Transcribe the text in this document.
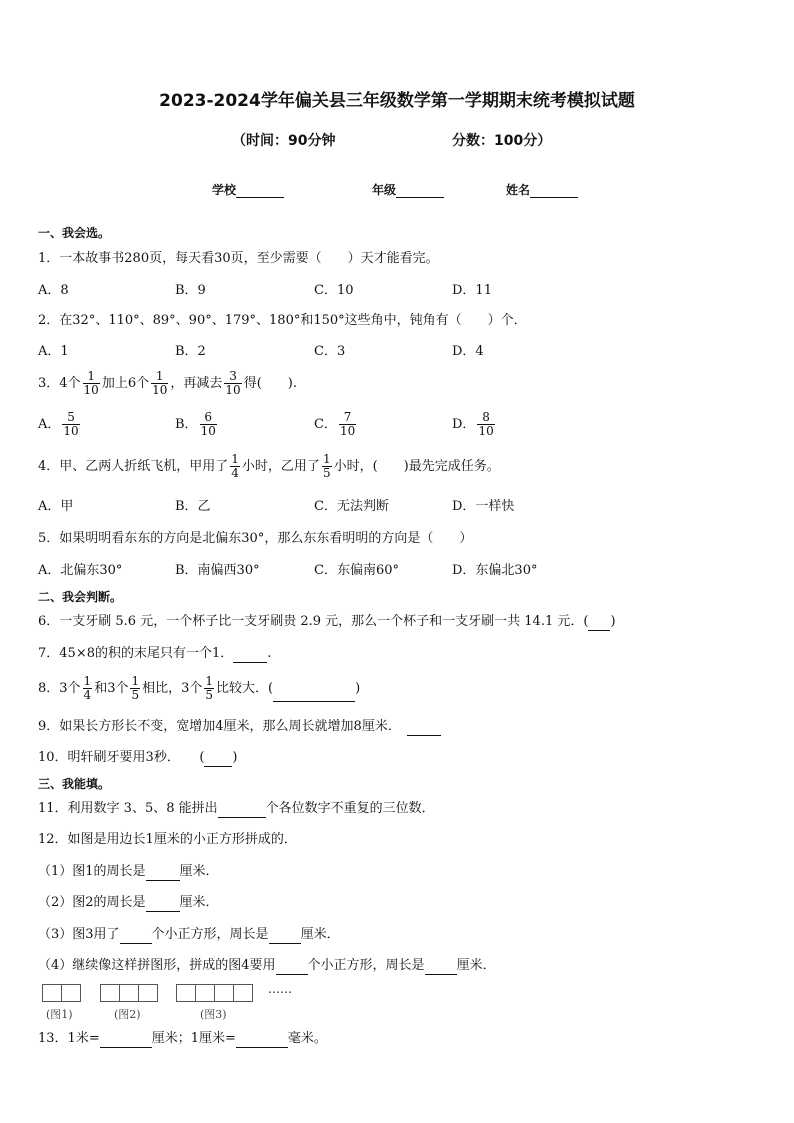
2023-2024学年偏关县三年级数学第一学期期末统考模拟试题
（时间：90分钟	分数：100分）
学校	年级	姓名
一、我会选。
1．一本故事书280页，每天看30页，至少需要（　　）天才能看完。
A．8	B．9	C．10	D．11
2．在32°、110°、89°、90°、179°、180°和150°这些角中，钝角有（　　）个．
A．1	B．2	C．3	D．4
3．4个 $\frac{1}{10}$ 加上6个 $\frac{1}{10}$ ，再减去 $\frac{3}{10}$ 得(　　).
A． $\frac{5}{10}$	B． $\frac{6}{10}$	C． $\frac{7}{10}$	D． $\frac{8}{10}$
4．甲、乙两人折纸飞机，甲用了 $\frac{1}{4}$ 小时，乙用了 $\frac{1}{5}$ 小时，(　　)最先完成任务。
A．甲	B．乙	C．无法判断	D．一样快
5．如果明明看东东的方向是北偏东30°，那么东东看明明的方向是（　　）
A．北偏东30°	B．南偏西30°	C．东偏南60°	D．东偏北30°
二、我会判断。
6．一支牙刷 5.6 元，一个杯子比一支牙刷贵 2.9 元，那么一个杯子和一支牙刷一共 14.1 元．( )
7．45×8的积的末尾只有一个1．	.
8．3个 $\frac{1}{4}$ 和3个 $\frac{1}{5}$ 相比，3个 $\frac{1}{5}$ 比较大．(	)
9．如果长方形长不变，宽增加4厘米，那么周长就增加8厘米．
10．明轩刷牙要用3秒．　　( )
三、我能填。
11．利用数字 3、5、8 能拼出	个各位数字不重复的三位数．
12．如图是用边长1厘米的小正方形拼成的．
（1）图1的周长是	厘米．
（2）图2的周长是	厘米．
（3）图3用了 个小正方形，周长是 厘米．
（4）继续像这样拼图形，拼成的图4要用 个小正方形，周长是 厘米．
(图1)	(图2)	(图3)
……
13．1米=	厘米；1厘米=	毫米。
